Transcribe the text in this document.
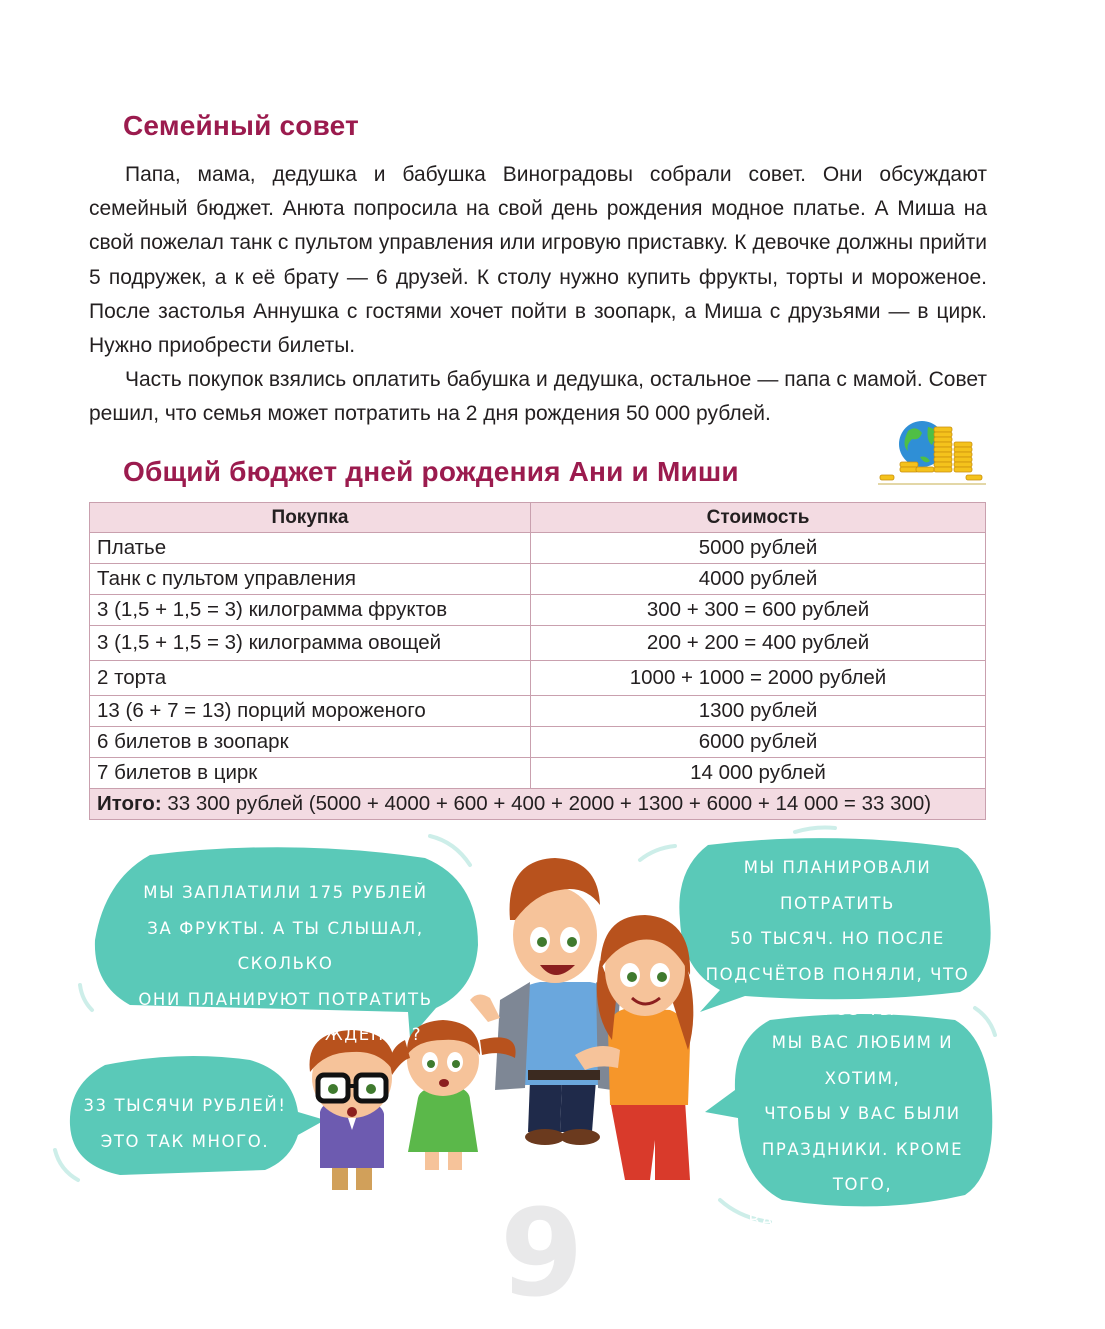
Семейный совет

Папа, мама, дедушка и бабушка Виноградовы собрали совет. Они обсуждают семейный бюджет. Анюта попросила на свой день рождения модное платье. А Миша на свой пожелал танк с пультом управления или игровую приставку. К девочке должны прийти 5 подружек, а к её брату — 6 друзей. К столу нужно купить фрукты, торты и мороженое. После застолья Аннушка с гостями хочет пойти в зоопарк, а Миша с друзьями — в цирк. Нужно приобрести билеты.

Часть покупок взялись оплатить бабушка и дедушка, остальное — папа с мамой. Совет решил, что семья может потратить на 2 дня рождения 50 000 рублей.

Общий бюджет дней рождения Ани и Миши
Покупка	Стоимость
Платье	5000 рублей
Танк с пультом управления	4000 рублей
3 (1,5 + 1,5 = 3) килограмма фруктов	300 + 300 = 600 рублей
3 (1,5 + 1,5 = 3) килограмма овощей	200 + 200 = 400 рублей
2 торта	1000 + 1000 = 2000 рублей
13 (6 + 7 = 13) порций мороженого	1300 рублей
6 билетов в зоопарк	6000 рублей
7 билетов в цирк	14 000 рублей
Итого: 33 300 рублей (5000 + 4000 + 600 + 400 + 2000 + 1300 + 6000 + 14 000 = 33 300)	
МЫ ЗАПЛАТИЛИ 175 РУБЛЕЙ
ЗА ФРУКТЫ. А ТЫ СЛЫШАЛ, СКОЛЬКО
ОНИ ПЛАНИРУЮТ ПОТРАТИТЬ
НА НАШИ ДНИ РОЖДЕНИЯ?
33 ТЫСЯЧИ РУБЛЕЙ!
ЭТО ТАК МНОГО.
МЫ ПЛАНИРОВАЛИ ПОТРАТИТЬ
50 ТЫСЯЧ. НО ПОСЛЕ
ПОДСЧЁТОВ ПОНЯЛИ, ЧТО
ХВАТИТ И 33 ТЫСЯЧ.
МЫ ВАС ЛЮБИМ И ХОТИМ,
ЧТОБЫ У ВАС БЫЛИ
ПРАЗДНИКИ. КРОМЕ ТОГО,
ВАШИ ДНИ РОЖДЕНИЯ —
ПРАЗДНИКИ И ДЛЯ НАС.
9
